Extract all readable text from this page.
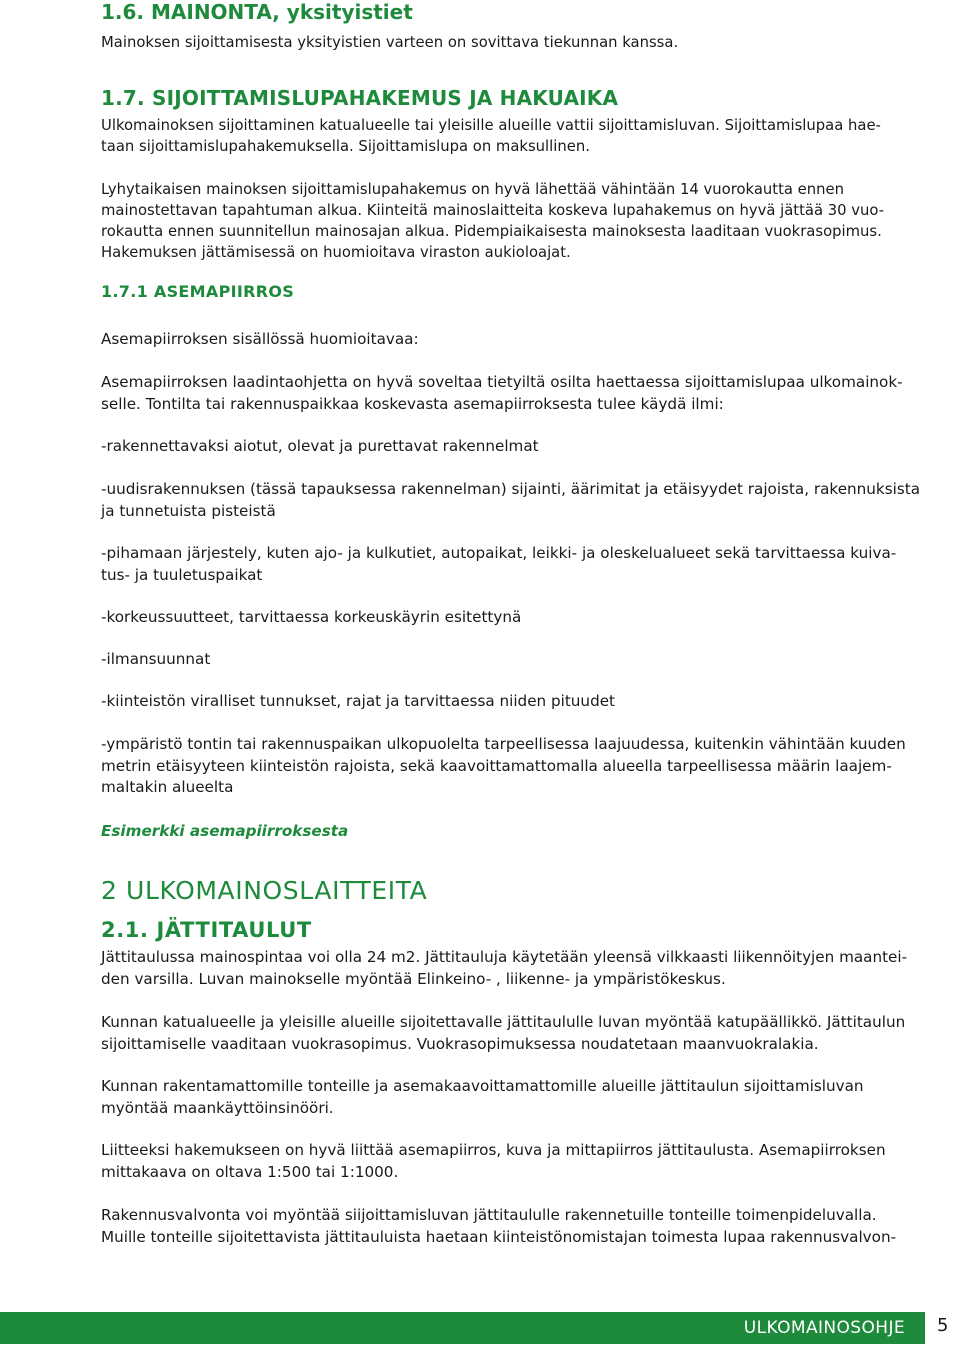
1.6. MAINONTA, yksityistiet

Mainoksen sijoittamisesta yksityistien varteen on sovittava tiekunnan kanssa.

1.7. SIJOITTAMISLUPAHAKEMUS JA HAKUAIKA

Ulkomainoksen sijoittaminen katualueelle tai yleisille alueille vattii sijoittamisluvan. Sijoittamislupaa hae-

taan sijoittamislupahakemuksella. Sijoittamislupa on maksullinen.

Lyhytaikaisen mainoksen sijoittamislupahakemus on hyvä lähettää vähintään 14 vuorokautta ennen

mainostettavan tapahtuman alkua. Kiinteitä mainoslaitteita koskeva lupahakemus on hyvä jättää 30 vuo-

rokautta ennen suunnitellun mainosajan alkua. Pidempiaikaisesta mainoksesta laaditaan vuokrasopimus.

Hakemuksen jättämisessä on huomioitava viraston aukioloajat.

1.7.1 ASEMAPIIRROS

Asemapiirroksen sisällössä huomioitavaa:

Asemapiirroksen laadintaohjetta on hyvä soveltaa tietyiltä osilta haettaessa sijoittamislupaa ulkomainok-

selle. Tontilta tai rakennuspaikkaa koskevasta asemapiirroksesta tulee käydä ilmi:

-rakennettavaksi aiotut, olevat ja purettavat rakennelmat

-uudisrakennuksen (tässä tapauksessa rakennelman) sijainti, äärimitat ja etäisyydet rajoista, rakennuksista

ja tunnetuista pisteistä

-pihamaan järjestely, kuten ajo- ja kulkutiet, autopaikat, leikki- ja oleskelualueet sekä tarvittaessa kuiva-

tus- ja tuuletuspaikat

-korkeussuutteet, tarvittaessa korkeuskäyrin esitettynä

-ilmansuunnat

-kiinteistön viralliset tunnukset, rajat ja tarvittaessa niiden pituudet

-ympäristö tontin tai rakennuspaikan ulkopuolelta tarpeellisessa laajuudessa, kuitenkin vähintään kuuden

metrin etäisyyteen kiinteistön rajoista, sekä kaavoittamattomalla alueella tarpeellisessa määrin laajem-

maltakin alueelta

Esimerkki asemapiirroksesta

2 ULKOMAINOSLAITTEITA

2.1. JÄTTITAULUT

Jättitaulussa mainospintaa voi olla 24 m2. Jättitauluja käytetään yleensä vilkkaasti liikennöityjen maantei-

den varsilla. Luvan mainokselle myöntää Elinkeino- , liikenne- ja ympäristökeskus.

Kunnan katualueelle ja yleisille alueille sijoitettavalle jättitaululle luvan myöntää katupäällikkö. Jättitaulun

sijoittamiselle vaaditaan vuokrasopimus. Vuokrasopimuksessa noudatetaan maanvuokralakia.

Kunnan rakentamattomille tonteille ja asemakaavoittamattomille alueille jättitaulun sijoittamisluvan

myöntää maankäyttöinsinööri.

Liitteeksi hakemukseen on hyvä liittää asemapiirros, kuva ja mittapiirros jättitaulusta. Asemapiirroksen

mittakaava on oltava 1:500 tai 1:1000.

Rakennusvalvonta voi myöntää siijoittamisluvan jättitaululle rakennetuille tonteille toimenpideluvalla.

Muille tonteille sijoitettavista jättitauluista haetaan kiinteistönomistajan toimesta lupaa rakennusvalvon-

ULKOMAINOSOHJE 5
